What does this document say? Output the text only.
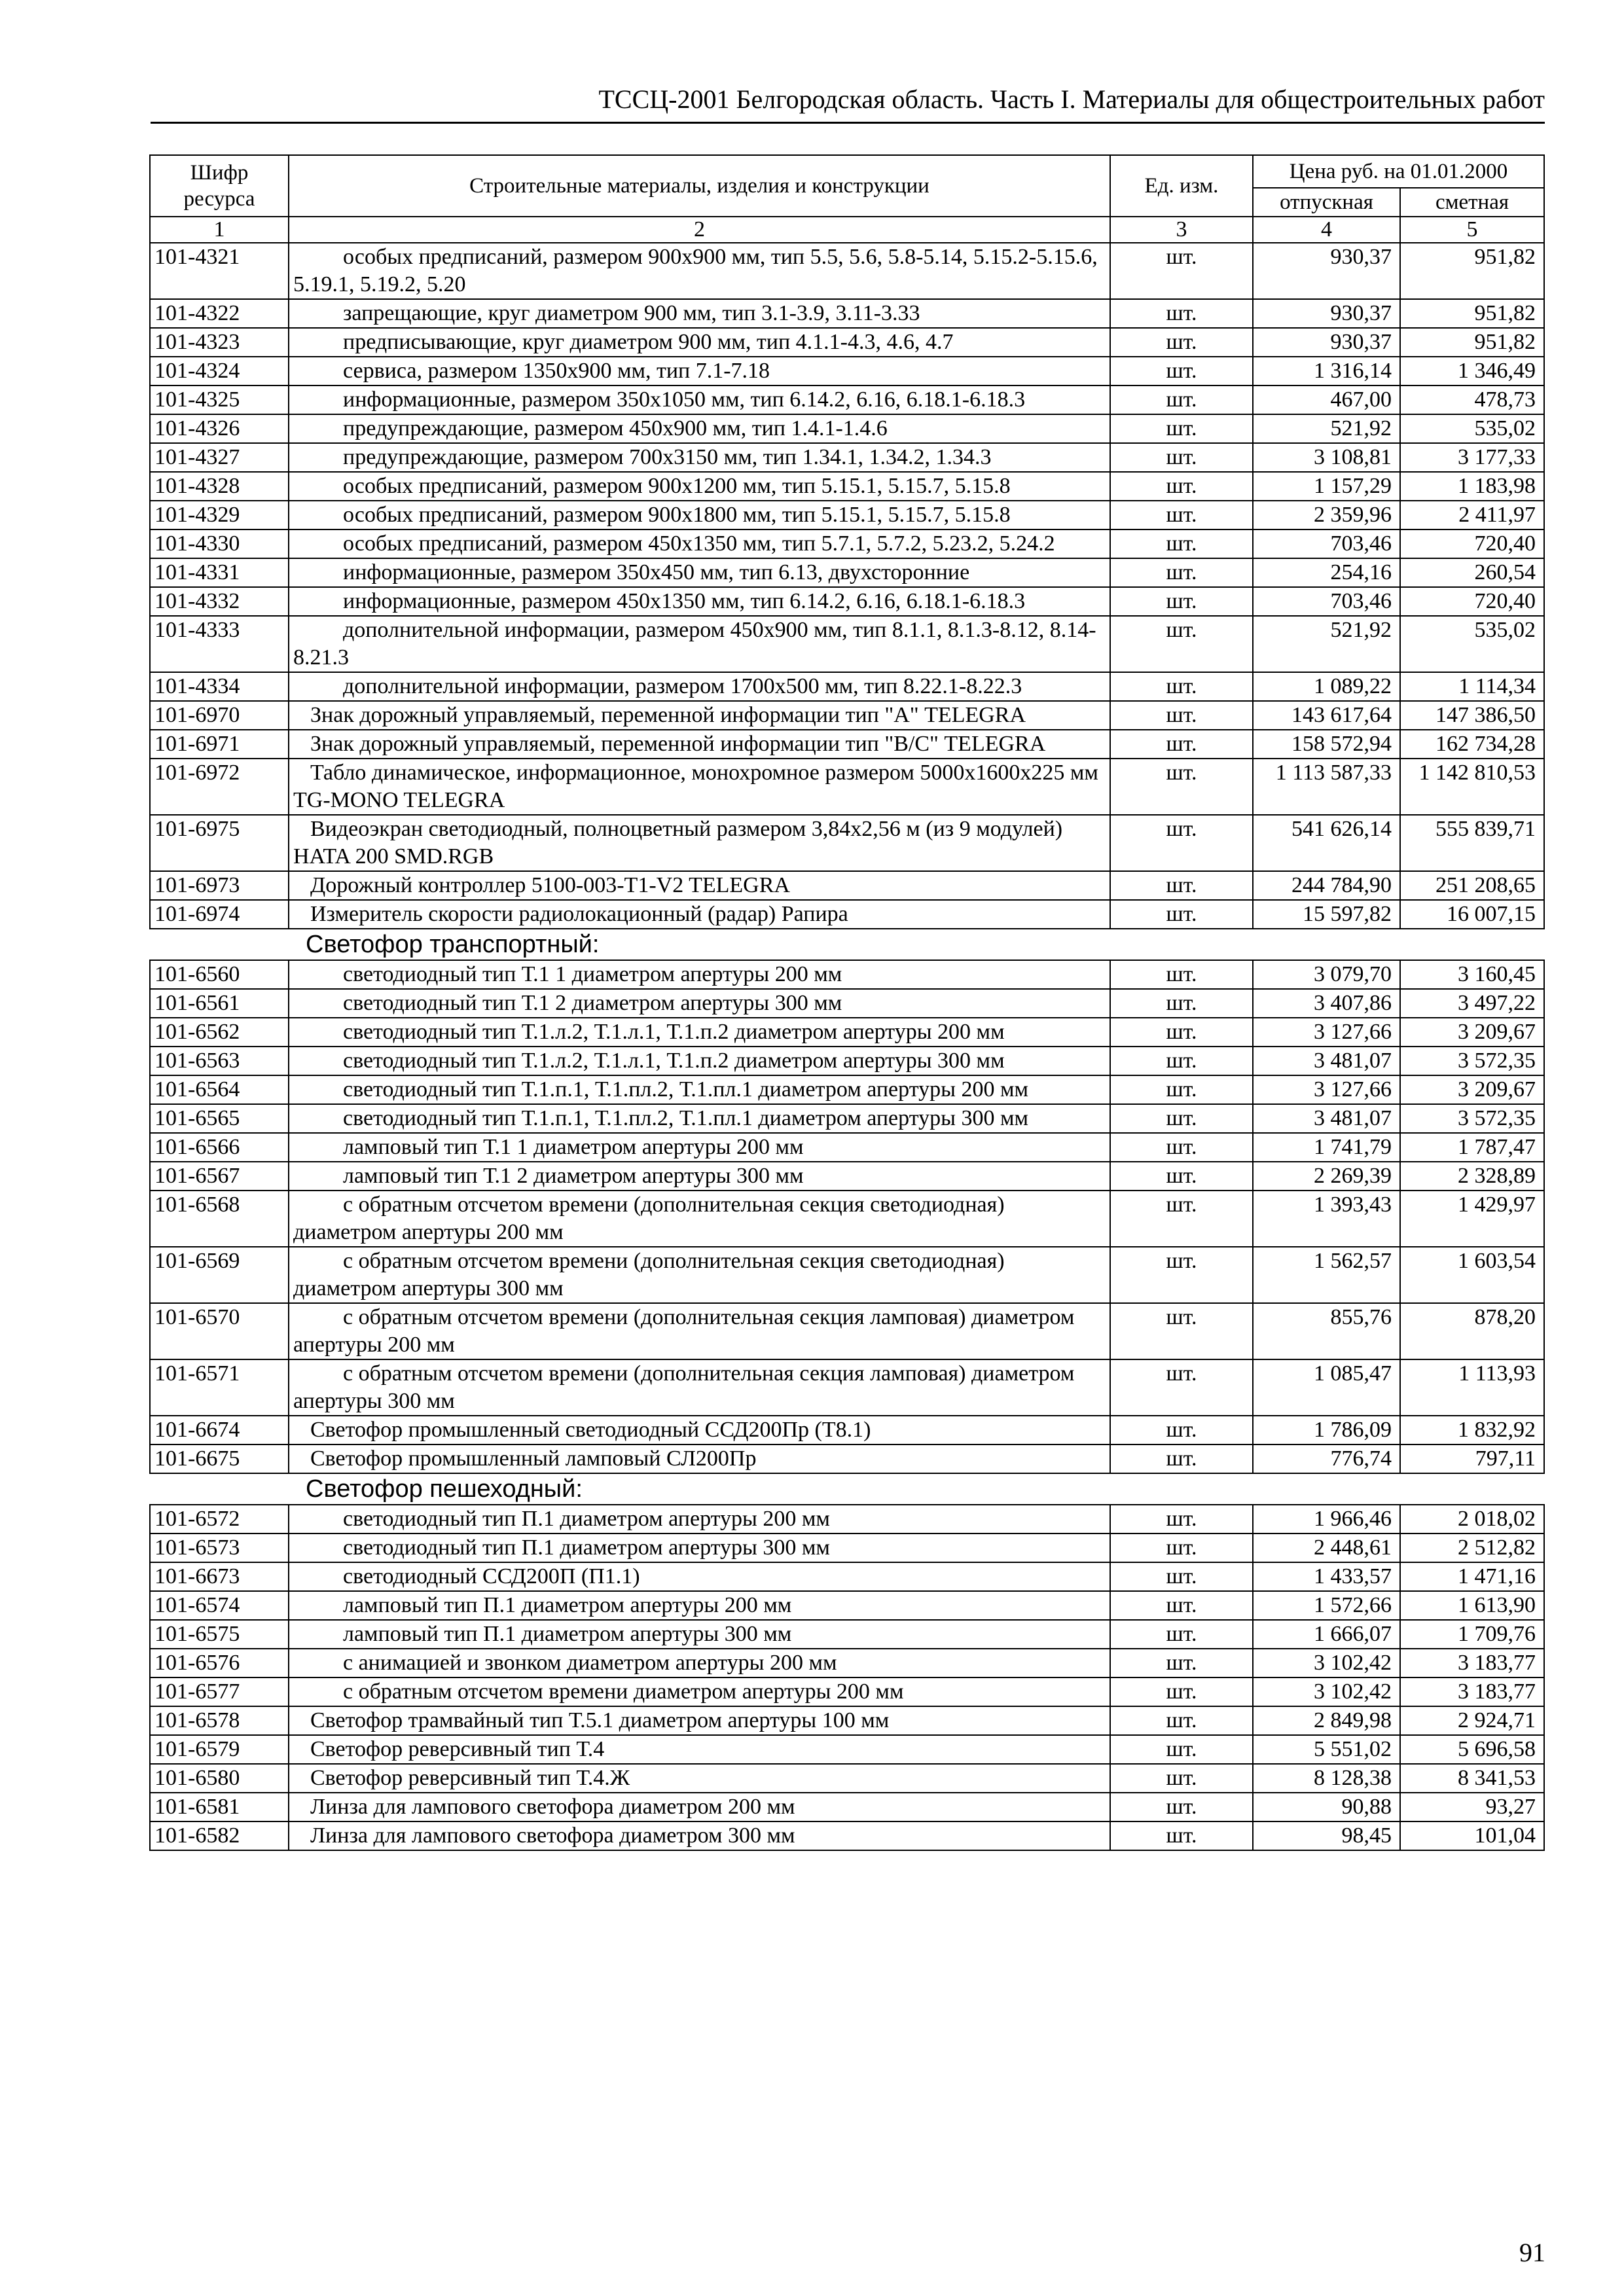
ТССЦ-2001 Белгородская область. Часть I. Материалы для общестроительных работ
Шифр ресурса	Строительные материалы, изделия и конструкции	Ед. изм.	Цена руб. на 01.01.2000	
			отпускная	сметная
1	2	3	4	5
101-4321	особых предписаний, размером 900х900 мм, тип 5.5, 5.6, 5.8-5.14, 5.15.2-5.15.6, 5.19.1, 5.19.2, 5.20	шт.	930,37	951,82
101-4322	запрещающие, круг диаметром 900 мм, тип 3.1-3.9, 3.11-3.33	шт.	930,37	951,82
101-4323	предписывающие, круг диаметром 900 мм, тип 4.1.1-4.3, 4.6, 4.7	шт.	930,37	951,82
101-4324	сервиса, размером 1350х900 мм, тип 7.1-7.18	шт.	1 316,14	1 346,49
101-4325	информационные, размером 350х1050 мм, тип 6.14.2, 6.16, 6.18.1-6.18.3	шт.	467,00	478,73
101-4326	предупреждающие, размером 450х900 мм, тип 1.4.1-1.4.6	шт.	521,92	535,02
101-4327	предупреждающие, размером 700х3150 мм, тип 1.34.1, 1.34.2, 1.34.3	шт.	3 108,81	3 177,33
101-4328	особых предписаний, размером 900х1200 мм, тип 5.15.1, 5.15.7, 5.15.8	шт.	1 157,29	1 183,98
101-4329	особых предписаний, размером 900х1800 мм, тип 5.15.1, 5.15.7, 5.15.8	шт.	2 359,96	2 411,97
101-4330	особых предписаний, размером 450х1350 мм, тип 5.7.1, 5.7.2, 5.23.2, 5.24.2	шт.	703,46	720,40
101-4331	информационные, размером 350х450 мм, тип 6.13, двухсторонние	шт.	254,16	260,54
101-4332	информационные, размером 450х1350 мм, тип 6.14.2, 6.16, 6.18.1-6.18.3	шт.	703,46	720,40
101-4333	дополнительной информации, размером 450х900 мм, тип 8.1.1, 8.1.3-8.12, 8.14-8.21.3	шт.	521,92	535,02
101-4334	дополнительной информации, размером 1700х500 мм, тип 8.22.1-8.22.3	шт.	1 089,22	1 114,34
101-6970	Знак дорожный управляемый, переменной информации тип "А" TELEGRA	шт.	143 617,64	147 386,50
101-6971	Знак дорожный управляемый, переменной информации тип "В/С" TELEGRA	шт.	158 572,94	162 734,28
101-6972	Табло динамическое, информационное, монохромное размером 5000х1600х225 мм TG-MONO TELEGRA	шт.	1 113 587,33	1 142 810,53
101-6975	Видеоэкран светодиодный, полноцветный размером 3,84х2,56 м (из 9 модулей) HATA 200 SMD.RGB	шт.	541 626,14	555 839,71
101-6973	Дорожный контроллер 5100-003-T1-V2 TELEGRA	шт.	244 784,90	251 208,65
101-6974	Измеритель скорости радиолокационный (радар) Рапира	шт.	15 597,82	16 007,15
Светофор транспортный:				
101-6560	светодиодный тип Т.1 1 диаметром апертуры 200 мм	шт.	3 079,70	3 160,45
101-6561	светодиодный тип Т.1 2 диаметром апертуры 300 мм	шт.	3 407,86	3 497,22
101-6562	светодиодный тип Т.1.л.2, Т.1.л.1, Т.1.п.2 диаметром апертуры 200 мм	шт.	3 127,66	3 209,67
101-6563	светодиодный тип Т.1.л.2, Т.1.л.1, Т.1.п.2 диаметром апертуры 300 мм	шт.	3 481,07	3 572,35
101-6564	светодиодный тип Т.1.п.1, Т.1.пл.2, Т.1.пл.1 диаметром апертуры 200 мм	шт.	3 127,66	3 209,67
101-6565	светодиодный тип Т.1.п.1, Т.1.пл.2, Т.1.пл.1 диаметром апертуры 300 мм	шт.	3 481,07	3 572,35
101-6566	ламповый тип Т.1 1 диаметром апертуры 200 мм	шт.	1 741,79	1 787,47
101-6567	ламповый тип Т.1 2 диаметром апертуры 300 мм	шт.	2 269,39	2 328,89
101-6568	с обратным отсчетом времени (дополнительная секция светодиодная) диаметром апертуры 200 мм	шт.	1 393,43	1 429,97
101-6569	с обратным отсчетом времени (дополнительная секция светодиодная) диаметром апертуры 300 мм	шт.	1 562,57	1 603,54
101-6570	с обратным отсчетом времени (дополнительная секция ламповая) диаметром апертуры 200 мм	шт.	855,76	878,20
101-6571	с обратным отсчетом времени (дополнительная секция ламповая) диаметром апертуры 300 мм	шт.	1 085,47	1 113,93
101-6674	Светофор промышленный светодиодный ССД200Пр (Т8.1)	шт.	1 786,09	1 832,92
101-6675	Светофор промышленный ламповый СЛ200Пр	шт.	776,74	797,11
Светофор пешеходный:				
101-6572	светодиодный тип П.1 диаметром апертуры 200 мм	шт.	1 966,46	2 018,02
101-6573	светодиодный тип П.1 диаметром апертуры 300 мм	шт.	2 448,61	2 512,82
101-6673	светодиодный ССД200П (П1.1)	шт.	1 433,57	1 471,16
101-6574	ламповый тип П.1 диаметром апертуры 200 мм	шт.	1 572,66	1 613,90
101-6575	ламповый тип П.1 диаметром апертуры 300 мм	шт.	1 666,07	1 709,76
101-6576	с анимацией и звонком диаметром апертуры 200 мм	шт.	3 102,42	3 183,77
101-6577	с обратным отсчетом времени диаметром апертуры 200 мм	шт.	3 102,42	3 183,77
101-6578	Светофор трамвайный тип Т.5.1 диаметром апертуры 100 мм	шт.	2 849,98	2 924,71
101-6579	Светофор реверсивный тип Т.4	шт.	5 551,02	5 696,58
101-6580	Светофор реверсивный тип Т.4.Ж	шт.	8 128,38	8 341,53
101-6581	Линза для лампового светофора диаметром 200 мм	шт.	90,88	93,27
101-6582	Линза для лампового светофора диаметром 300 мм	шт.	98,45	101,04
91
